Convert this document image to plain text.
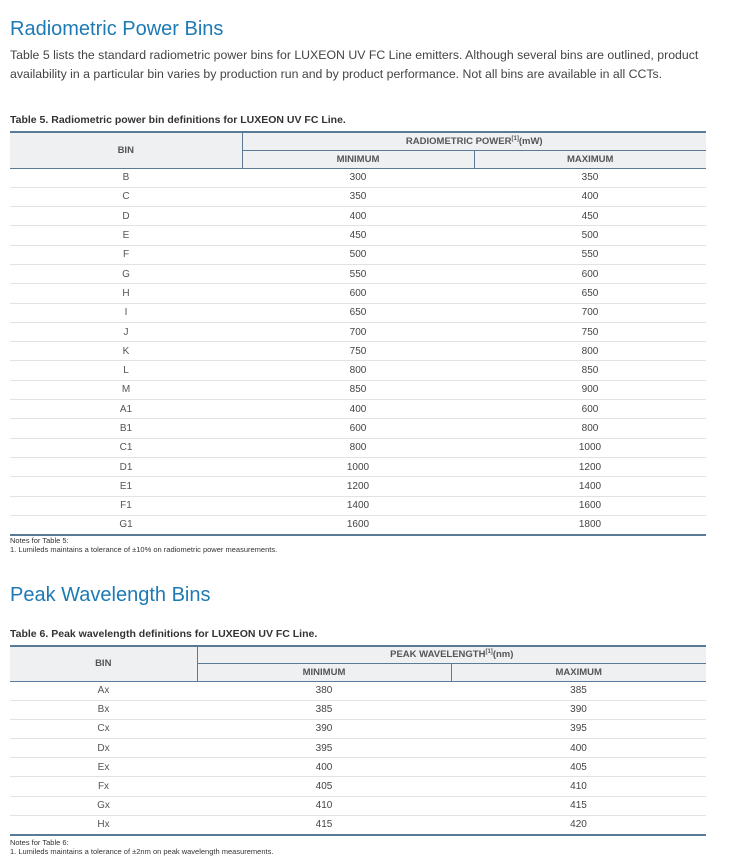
Radiometric Power Bins

Table 5 lists the standard radiometric power bins for LUXEON UV FC Line emitters. Although several bins are outlined, product availability in a particular bin varies by production run and by product performance. Not all bins are available in all CCTs.

Table 5. Radiometric power bin definitions for LUXEON UV FC Line.
BIN	RADIOMETRIC POWER[1](mW)	
	MINIMUM	MAXIMUM
B	300	350
C	350	400
D	400	450
E	450	500
F	500	550
G	550	600
H	600	650
I	650	700
J	700	750
K	750	800
L	800	850
M	850	900
A1	400	600
B1	600	800
C1	800	1000
D1	1000	1200
E1	1200	1400
F1	1400	1600
G1	1600	1800
Notes for Table 5:
1. Lumileds maintains a tolerance of ±10% on radiometric power measurements.
Peak Wavelength Bins
Table 6. Peak wavelength definitions for LUXEON UV FC Line.
BIN	PEAK WAVELENGTH[1](nm)	
	MINIMUM	MAXIMUM
Ax	380	385
Bx	385	390
Cx	390	395
Dx	395	400
Ex	400	405
Fx	405	410
Gx	410	415
Hx	415	420
Notes for Table 6:
1. Lumileds maintains a tolerance of ±2nm on peak wavelength measurements.
